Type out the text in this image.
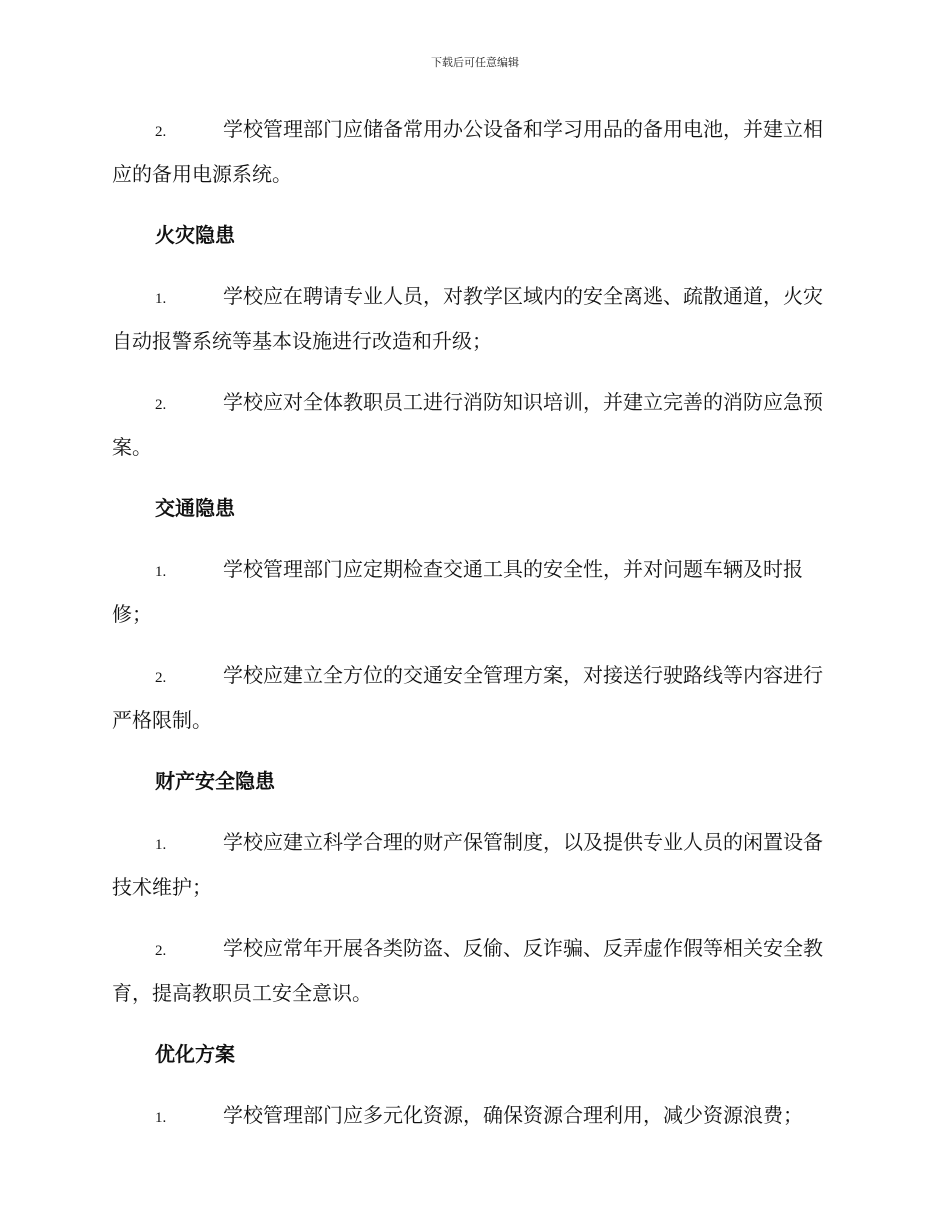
下载后可任意编辑

2.	学校管理部门应储备常用办公设备和学习用品的备用电池，并建立相应的备用电源系统。

火灾隐患

1.	学校应在聘请专业人员，对教学区域内的安全离逃、疏散通道，火灾自动报警系统等基本设施进行改造和升级；

2.	学校应对全体教职员工进行消防知识培训，并建立完善的消防应急预案。

交通隐患

1.	学校管理部门应定期检查交通工具的安全性，并对问题车辆及时报修；

2.	学校应建立全方位的交通安全管理方案，对接送行驶路线等内容进行严格限制。

财产安全隐患

1.	学校应建立科学合理的财产保管制度，以及提供专业人员的闲置设备技术维护；

2.	学校应常年开展各类防盗、反偷、反诈骗、反弄虚作假等相关安全教育，提高教职员工安全意识。

优化方案

1.	学校管理部门应多元化资源，确保资源合理利用，减少资源浪费；
